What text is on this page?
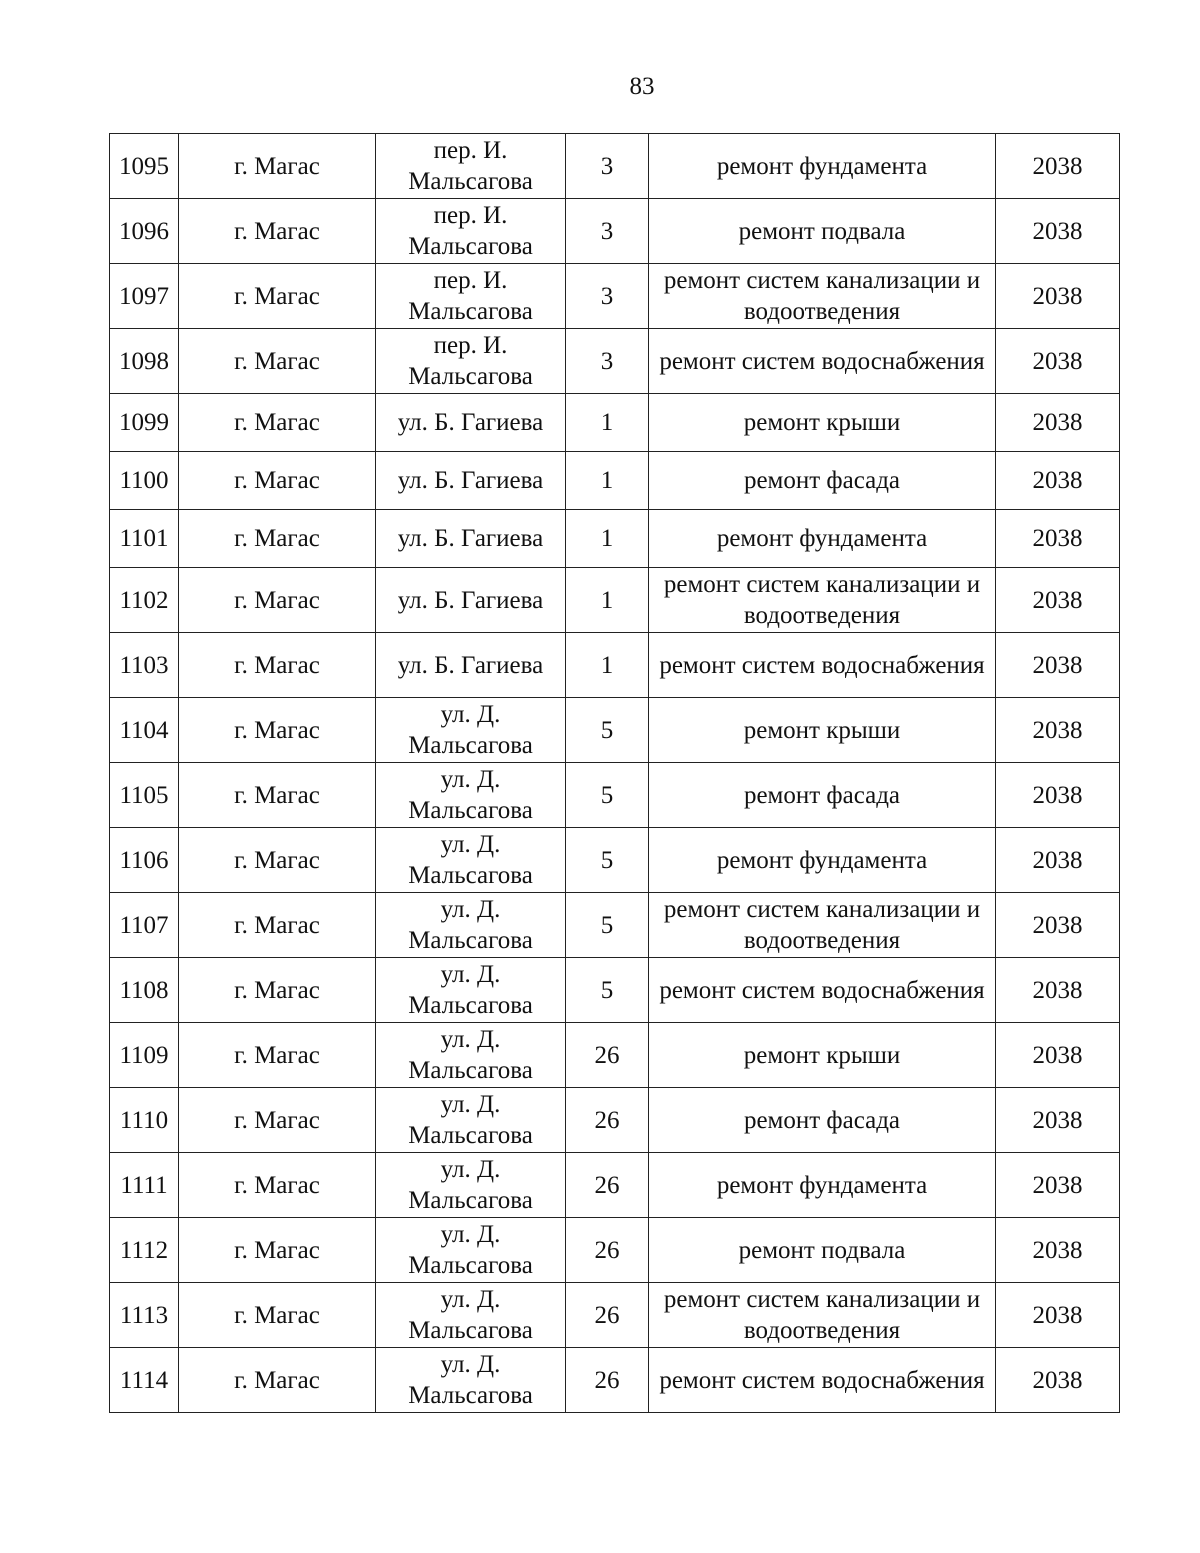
83
1095	г. Магас	пер. И. Мальсагова	3	ремонт фундамента	2038
1096	г. Магас	пер. И. Мальсагова	3	ремонт подвала	2038
1097	г. Магас	пер. И. Мальсагова	3	ремонт систем канализации и водоотведения	2038
1098	г. Магас	пер. И. Мальсагова	3	ремонт систем водоснабжения	2038
1099	г. Магас	ул. Б. Гагиева	1	ремонт крыши	2038
1100	г. Магас	ул. Б. Гагиева	1	ремонт фасада	2038
1101	г. Магас	ул. Б. Гагиева	1	ремонт фундамента	2038
1102	г. Магас	ул. Б. Гагиева	1	ремонт систем канализации и водоотведения	2038
1103	г. Магас	ул. Б. Гагиева	1	ремонт систем водоснабжения	2038
1104	г. Магас	ул. Д. Мальсагова	5	ремонт крыши	2038
1105	г. Магас	ул. Д. Мальсагова	5	ремонт фасада	2038
1106	г. Магас	ул. Д. Мальсагова	5	ремонт фундамента	2038
1107	г. Магас	ул. Д. Мальсагова	5	ремонт систем канализации и водоотведения	2038
1108	г. Магас	ул. Д. Мальсагова	5	ремонт систем водоснабжения	2038
1109	г. Магас	ул. Д. Мальсагова	26	ремонт крыши	2038
1110	г. Магас	ул. Д. Мальсагова	26	ремонт фасада	2038
1111	г. Магас	ул. Д. Мальсагова	26	ремонт фундамента	2038
1112	г. Магас	ул. Д. Мальсагова	26	ремонт подвала	2038
1113	г. Магас	ул. Д. Мальсагова	26	ремонт систем канализации и водоотведения	2038
1114	г. Магас	ул. Д. Мальсагова	26	ремонт систем водоснабжения	2038
